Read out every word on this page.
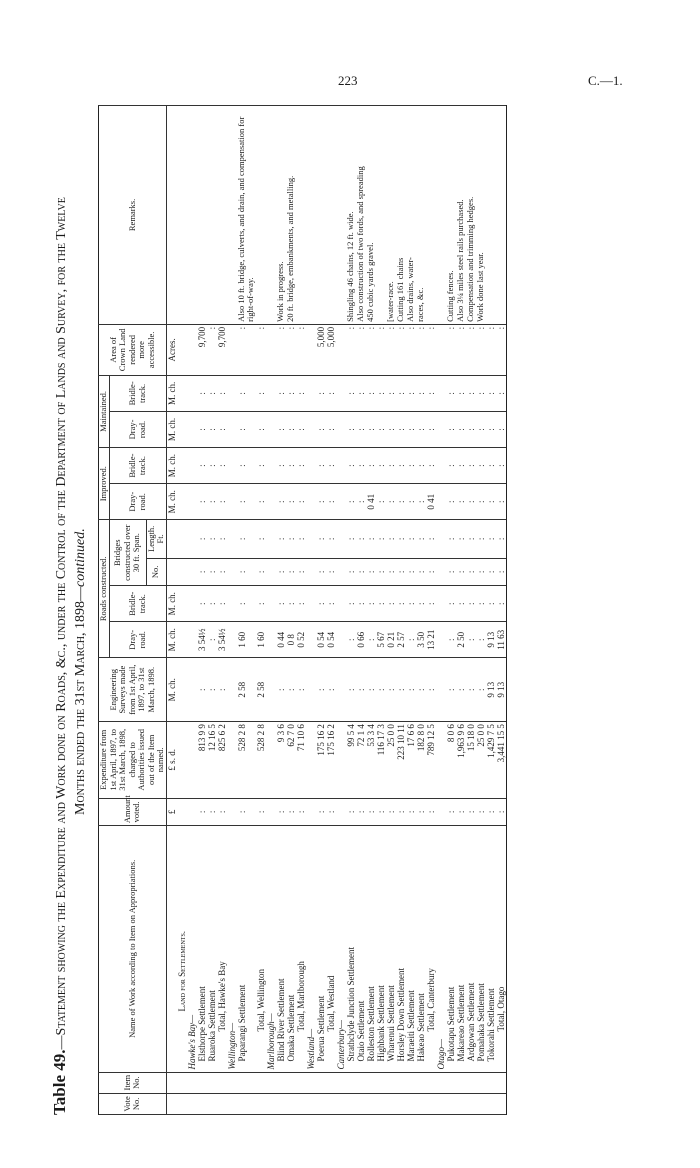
223	C.—1.
Table 49.—Statement showing the Expenditure and Work done on Roads, &c., under the Control of the Department of Lands and Survey, for the Twelve Months ended the 31st March, 1898—continued.
Vote No.	Item No.	Name of Work according to Item on Appropriations.	Amount voted.	Expenditure from 1st April, 1897, to 31st March, 1898, charged to Authorities issued out of the Item named.	Engineering Surveys made from 1st April, 1897, to 31st March, 1898.	Roads constructed.				Improved.		Maintained.		Area of Crown Land rendered more accessible.	Remarks.
						Dray-road.	Bridle-track.	Bridges constructed over 30 ft. Span.		Dray-road.	Bridle-track.	Dray-road.	Bridle-track.		
								No.	Length. Ft.						
			£	£ s. d.	M. ch.	M. ch.	M. ch.			M. ch.	M. ch.	M. ch.	M. ch.	Acres.	
		Land for Settlements.													
		Hawke's Bay—													
		Elsthorpe Settlement	:	813 9 9	:	3 54½	:	:	:	:	:	:	:	9,700	
		Ruaroka Settlement	:	12 16 5	:	:	:	:	:	:	:	:	:	:	
		Total, Hawke's Bay	:	825 6 2	:	3 54½	:	:	:	:	:	:	:	9,700	
		Wellington—													
		Paparangi Settlement	:	528 2 8	2 58	1 60	:	:	:	:	:	:	:	:	Also 10 ft. bridge, culverts, and drain, and compensation for right-of-way.
		Total, Wellington	:	528 2 8	2 58	1 60	:	:	:	:	:	:	:	:	
		Marlborough—													
		Blind River Settlement	:	9 3 6	:	0 44	:	:	:	:	:	:	:	:	Work in progress.
		Omaka Settlement	:	62 7 0	:	0 8	:	:	:	:	:	:	:	:	20 ft. bridge, embankments, and metalling.
		Total, Marlborough	:	71 10 6	:	0 52	:	:	:	:	:	:	:	:	
		Westland—													
		Poerua Settlement	:	175 16 2	:	0 54	:	:	:	:	:	:	:	5,000	
		Total, Westland	:	175 16 2	:	0 54	:	:	:	:	:	:	:	5,000	
		Canterbury—													
		Strathclyde Junction Settlement	:	99 5 4	:	:	:	:	:	:	:	:	:	:	Shingling 46 chains, 12 ft. wide.
		Otaio Settlement	:	72 1 4	:	0 66	:	:	:	:	:	:	:	:	Also construction of two fords, and spreading
		Rolleston Settlement	:	53 3 4	:	:	:	:	:	0 41	:	:	:	:	450 cubic yards gravel.
		Highbank Settlement	:	116 17 3	:	5 67	:	:	:	:	:	:	:	:	
		Wharenui Settlement	:	25 0 0	:	0 21	:	:	:	:	:	:	:	:	[water-race.
		Horsley Down Settlement	:	223 10 11	:	2 57	:	:	:	:	:	:	:	:	Cutting 161 chains
		Maraeiti Settlement	:	17 6 6	:	:	:	:	:	:	:	:	:	:	Also drains, water-
		Hakeao Settlement	:	182 8 0	:	3 50	:	:	:	:	:	:	:	:	races, &c.
		Total, Canterbury	:	789 12 5	:	13 21	:	:	:	0 41	:	:	:	:	
		Otago—													
		Pukotapu Settlement	:	8 0 6	:	:	:	:	:	:	:	:	:	:	Cutting fences.
		Makareao Settlement	:	1,963 9 6	:	2 50	:	:	:	:	:	:	:	:	Also 3¼ miles steel rails purchased.
		Ardgowan Settlement	:	15 18 0	:	:	:	:	:	:	:	:	:	:	Compensation and trimming hedges.
		Pomahaka Settlement	:	25 0 0	:	:	:	:	:	:	:	:	:	:	Work done last year.
		Tokorahi Settlement	:	1,429 7 5	9 13	9 13	:	:	:	:	:	:	:	:	
		Total, Otago	:	3,441 15 5	9 13	11 63	:	:	:	:	:	:	:	:	
